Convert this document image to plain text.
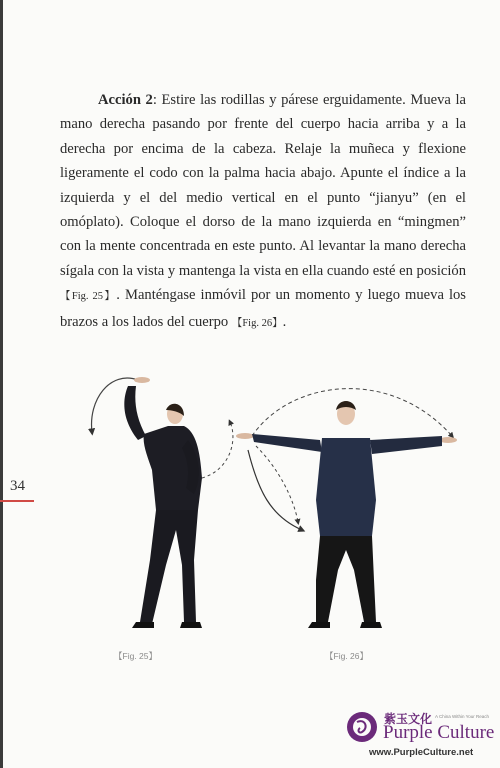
Acción 2: Estire las rodillas y párese erguidamente. Mueva la mano derecha pasando por frente del cuerpo hacia arriba y a la derecha por encima de la cabeza. Relaje la muñeca y flexione ligeramente el codo con la palma hacia abajo. Apunte el índice a la izquierda y el del medio vertical en el punto “jianyu” (en el omóplato). Coloque el dorso de la mano izquierda en “mingmen” con la mente concentrada en este punto. Al levantar la mano derecha sígala con la vista y mantenga la vista en ella cuando esté en posición 【Fig. 25】. Manténgase inmóvil por un momento y luego mueva los brazos a los lados del cuerpo 【Fig. 26】.

34
【Fig. 25】	【Fig. 26】
紫玉文化 A China Within Your Reach
Purple Culture
www.PurpleCulture.net
